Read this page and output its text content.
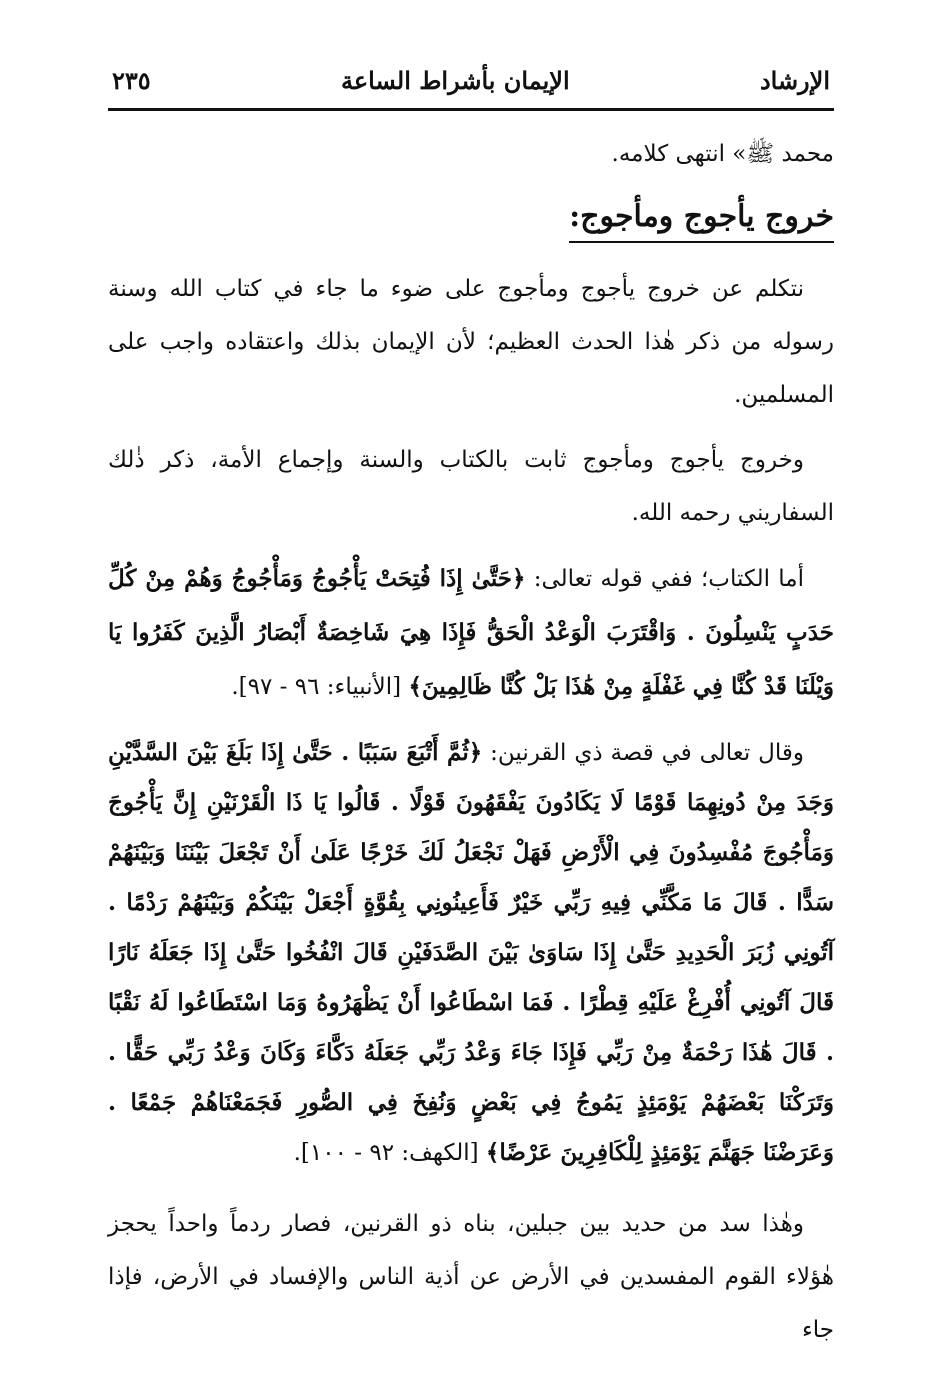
الإرشاد
الإيمان بأشراط الساعة
٢٣٥
محمد ﷺ» انتهى كلامه.
خروج يأجوج ومأجوج:

نتكلم عن خروج يأجوج ومأجوج على ضوء ما جاء في كتاب الله وسنة رسوله من ذكر هٰذا الحدث العظيم؛ لأن الإيمان بذلك واعتقاده واجب على المسلمين.

وخروج يأجوج ومأجوج ثابت بالكتاب والسنة وإجماع الأمة، ذكر ذٰلك السفاريني رحمه الله.

أما الكتاب؛ ففي قوله تعالى: ﴿حَتَّىٰ إِذَا فُتِحَتْ يَأْجُوجُ وَمَأْجُوجُ وَهُمْ مِنْ كُلِّ حَدَبٍ يَنْسِلُونَ . وَاقْتَرَبَ الْوَعْدُ الْحَقُّ فَإِذَا هِيَ شَاخِصَةٌ أَبْصَارُ الَّذِينَ كَفَرُوا يَا وَيْلَنَا قَدْ كُنَّا فِي غَفْلَةٍ مِنْ هَٰذَا بَلْ كُنَّا ظَالِمِينَ﴾ [الأنبياء: ٩٦ - ٩٧].

وقال تعالى في قصة ذي القرنين: ﴿ثُمَّ أَتْبَعَ سَبَبًا . حَتَّىٰ إِذَا بَلَغَ بَيْنَ السَّدَّيْنِ وَجَدَ مِنْ دُونِهِمَا قَوْمًا لَا يَكَادُونَ يَفْقَهُونَ قَوْلًا . قَالُوا يَا ذَا الْقَرْنَيْنِ إِنَّ يَأْجُوجَ وَمَأْجُوجَ مُفْسِدُونَ فِي الْأَرْضِ فَهَلْ نَجْعَلُ لَكَ خَرْجًا عَلَىٰ أَنْ تَجْعَلَ بَيْنَنَا وَبَيْنَهُمْ سَدًّا . قَالَ مَا مَكَّنِّي فِيهِ رَبِّي خَيْرٌ فَأَعِينُونِي بِقُوَّةٍ أَجْعَلْ بَيْنَكُمْ وَبَيْنَهُمْ رَدْمًا . آتُونِي زُبَرَ الْحَدِيدِ حَتَّىٰ إِذَا سَاوَىٰ بَيْنَ الصَّدَفَيْنِ قَالَ انْفُخُوا حَتَّىٰ إِذَا جَعَلَهُ نَارًا قَالَ آتُونِي أُفْرِغْ عَلَيْهِ قِطْرًا . فَمَا اسْطَاعُوا أَنْ يَظْهَرُوهُ وَمَا اسْتَطَاعُوا لَهُ نَقْبًا . قَالَ هَٰذَا رَحْمَةٌ مِنْ رَبِّي فَإِذَا جَاءَ وَعْدُ رَبِّي جَعَلَهُ دَكَّاءَ وَكَانَ وَعْدُ رَبِّي حَقًّا . وَتَرَكْنَا بَعْضَهُمْ يَوْمَئِذٍ يَمُوجُ فِي بَعْضٍ وَنُفِخَ فِي الصُّورِ فَجَمَعْنَاهُمْ جَمْعًا . وَعَرَضْنَا جَهَنَّمَ يَوْمَئِذٍ لِلْكَافِرِينَ عَرْضًا﴾ [الكهف: ٩٢ - ١٠٠].

وهٰذا سد من حديد بين جبلين، بناه ذو القرنين، فصار ردماً واحداً يحجز هٰؤلاء القوم المفسدين في الأرض عن أذية الناس والإفساد في الأرض، فإذا جاء
